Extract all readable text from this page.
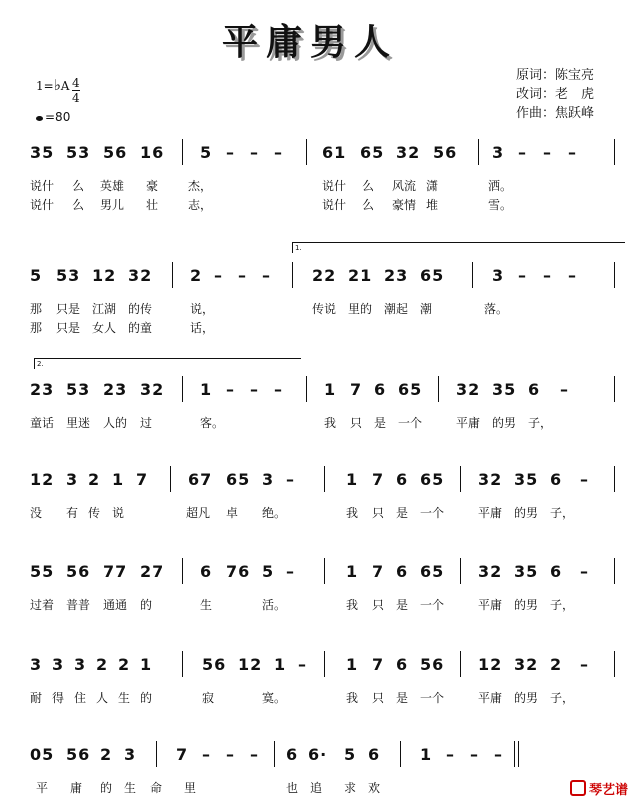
平庸男人
1=♭A $\frac{4}{4}$
=80
原词：陈宝亮
改词：老　虎
作曲：焦跃峰
35 53 56 16 5 – – – 61 65 32 56 3 – – –
说什 么 英雄 豪 杰，	说什 么 风流 潇	洒。
说什 么 男儿 壮 志，	说什 么 豪情 堆	雪。
5 53 12 32 2 – – –	22 21 23 65	3 – – –
1.
那 只是 江湖 的传	说，	传说 里的 潮起 潮	落。
那 只是 女人 的童	话，
23 53 23 32 1 – – –	1 7 6 65 32 35 6 –
2.
童话 里迷 人的 过	客。	我 只 是 一个	平庸 的男 子，
12 3 2 1 7 67 65 3 –	1 7 6 65 32 35 6 –
没 有 传 说	超凡 卓 绝。	我 只 是 一个	平庸 的男 子，
55 56 77 27 6 76 5 –	1 7 6 65 32 35 6 –
过着 普普 通通 的	生	活。	我 只 是 一个	平庸 的男 子，
3 3 3 2 2 1	56 12 1 – 1 7 6 56 12 32 2 –
耐 得 住 人 生 的	寂	寞。	我 只 是 一个	平庸 的男 子，
05 56 2 3 7 – – – 6 6· 5 6 1 – – –
平 庸 的 生 命 里	也 追 求 欢	琴艺谱
